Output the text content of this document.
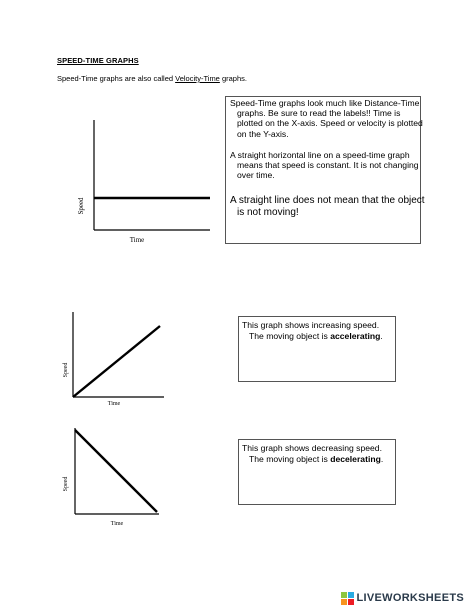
SPEED-TIME GRAPHS
Speed-Time graphs are also called Velocity-Time graphs.
Speed
Time

Speed-Time graphs look much like Distance-Time graphs. Be sure to read the labels!! Time is plotted on the X-axis. Speed or velocity is plotted on the Y-axis.

A straight horizontal line on a speed-time graph means that speed is constant. It is not changing over time.

A straight line does not mean that the object is not moving!

Speed
Time

This graph shows increasing speed.
The moving object is accelerating.

Speed
Time

This graph shows decreasing speed.
The moving object is decelerating.

LIVEWORKSHEETS
